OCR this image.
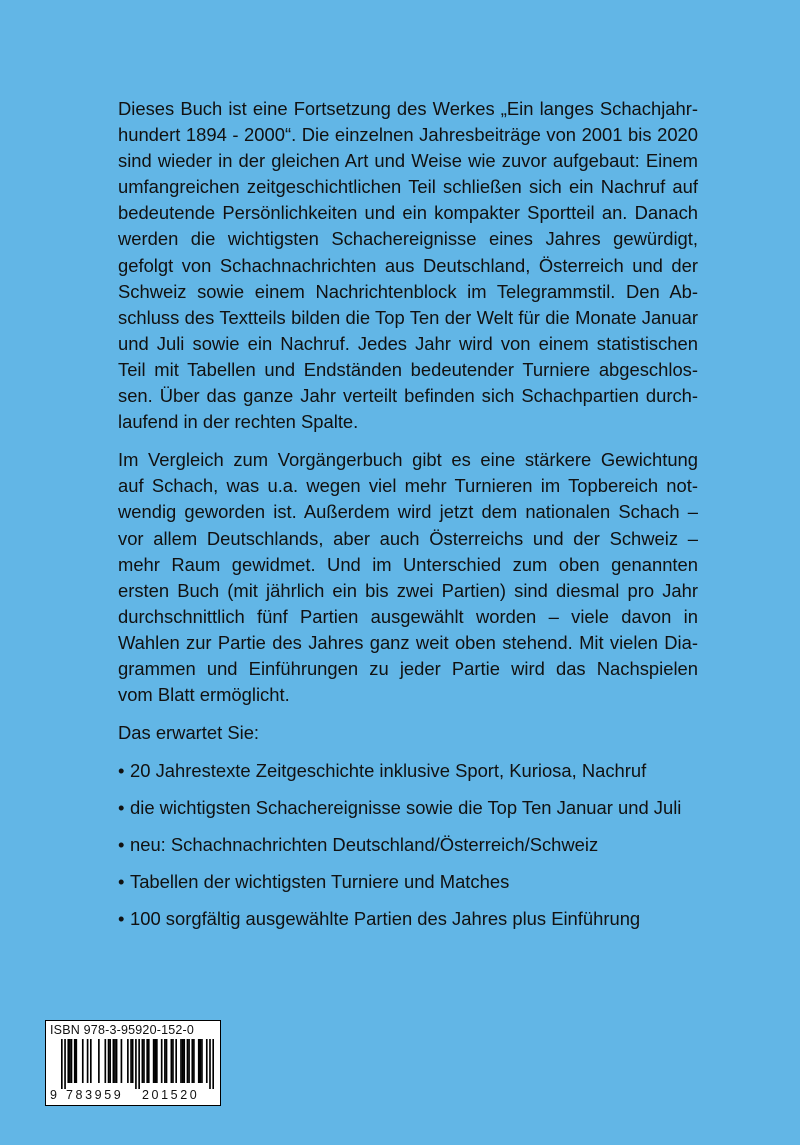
Dieses Buch ist eine Fortsetzung des Werkes „Ein langes Schachjahr-
hundert 1894 - 2000“. Die einzelnen Jahresbeiträge von 2001 bis 2020
sind wieder in der gleichen Art und Weise wie zuvor aufgebaut: Einem
umfangreichen zeitgeschichtlichen Teil schließen sich ein Nachruf auf
bedeutende Persönlichkeiten und ein kompakter Sportteil an. Danach
werden die wichtigsten Schachereignisse eines Jahres gewürdigt,
gefolgt von Schachnachrichten aus Deutschland, Österreich und der
Schweiz sowie einem Nachrichtenblock im Telegrammstil. Den Ab-
schluss des Textteils bilden die Top Ten der Welt für die Monate Januar
und Juli sowie ein Nachruf. Jedes Jahr wird von einem statistischen
Teil mit Tabellen und Endständen bedeutender Turniere abgeschlos-
sen. Über das ganze Jahr verteilt befinden sich Schachpartien durch-
laufend in der rechten Spalte.
Im Vergleich zum Vorgängerbuch gibt es eine stärkere Gewichtung
auf Schach, was u.a. wegen viel mehr Turnieren im Topbereich not-
wendig geworden ist. Außerdem wird jetzt dem nationalen Schach –
vor allem Deutschlands, aber auch Österreichs und der Schweiz –
mehr Raum gewidmet. Und im Unterschied zum oben genannten
ersten Buch (mit jährlich ein bis zwei Partien) sind diesmal pro Jahr
durchschnittlich fünf Partien ausgewählt worden – viele davon in
Wahlen zur Partie des Jahres ganz weit oben stehend. Mit vielen Dia-
grammen und Einführungen zu jeder Partie wird das Nachspielen
vom Blatt ermöglicht.
Das erwartet Sie:
• 20 Jahrestexte Zeitgeschichte inklusive Sport, Kuriosa, Nachruf
• die wichtigsten Schachereignisse sowie die Top Ten Januar und Juli
• neu: Schachnachrichten Deutschland/Österreich/Schweiz
• Tabellen der wichtigsten Turniere und Matches
• 100 sorgfältig ausgewählte Partien des Jahres plus Einführung
ISBN 978-3-95920-152-0
9 783959 201520
